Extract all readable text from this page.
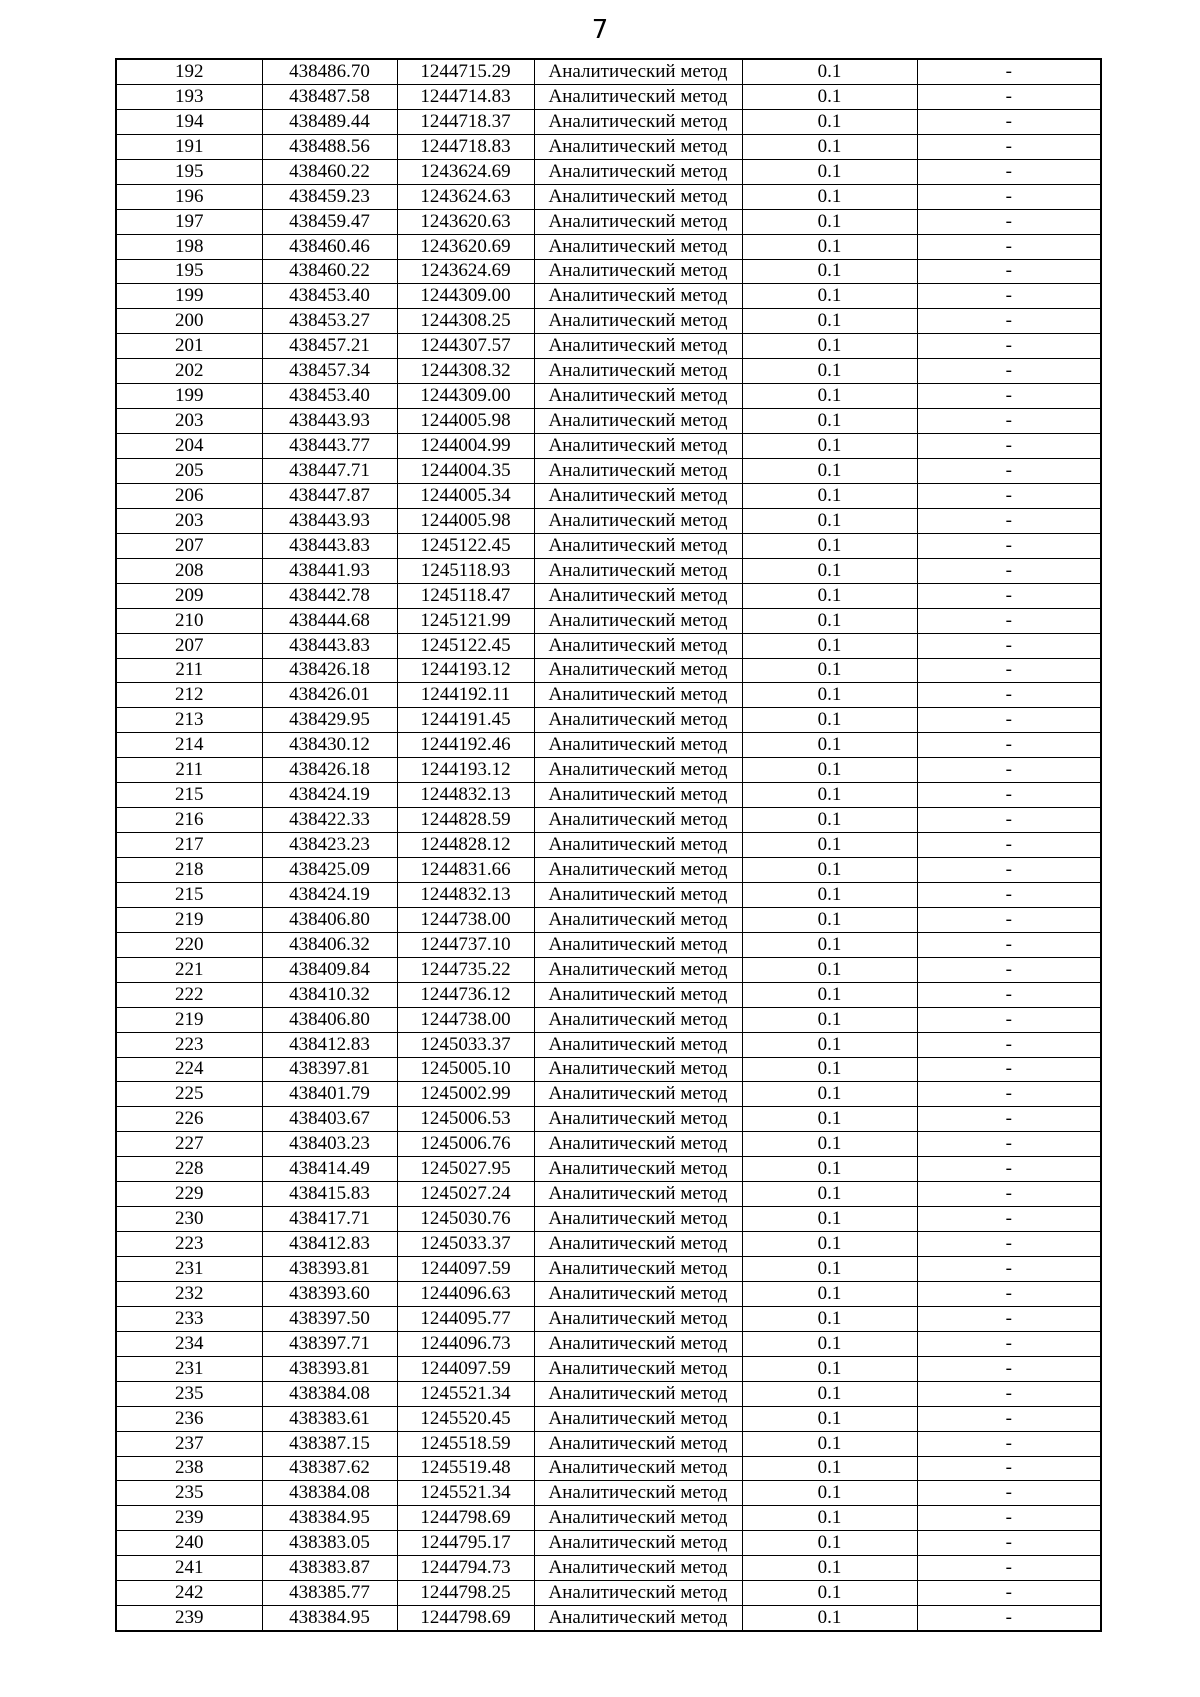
7
192	438486.70	1244715.29	Аналитический метод	0.1	-
193	438487.58	1244714.83	Аналитический метод	0.1	-
194	438489.44	1244718.37	Аналитический метод	0.1	-
191	438488.56	1244718.83	Аналитический метод	0.1	-
195	438460.22	1243624.69	Аналитический метод	0.1	-
196	438459.23	1243624.63	Аналитический метод	0.1	-
197	438459.47	1243620.63	Аналитический метод	0.1	-
198	438460.46	1243620.69	Аналитический метод	0.1	-
195	438460.22	1243624.69	Аналитический метод	0.1	-
199	438453.40	1244309.00	Аналитический метод	0.1	-
200	438453.27	1244308.25	Аналитический метод	0.1	-
201	438457.21	1244307.57	Аналитический метод	0.1	-
202	438457.34	1244308.32	Аналитический метод	0.1	-
199	438453.40	1244309.00	Аналитический метод	0.1	-
203	438443.93	1244005.98	Аналитический метод	0.1	-
204	438443.77	1244004.99	Аналитический метод	0.1	-
205	438447.71	1244004.35	Аналитический метод	0.1	-
206	438447.87	1244005.34	Аналитический метод	0.1	-
203	438443.93	1244005.98	Аналитический метод	0.1	-
207	438443.83	1245122.45	Аналитический метод	0.1	-
208	438441.93	1245118.93	Аналитический метод	0.1	-
209	438442.78	1245118.47	Аналитический метод	0.1	-
210	438444.68	1245121.99	Аналитический метод	0.1	-
207	438443.83	1245122.45	Аналитический метод	0.1	-
211	438426.18	1244193.12	Аналитический метод	0.1	-
212	438426.01	1244192.11	Аналитический метод	0.1	-
213	438429.95	1244191.45	Аналитический метод	0.1	-
214	438430.12	1244192.46	Аналитический метод	0.1	-
211	438426.18	1244193.12	Аналитический метод	0.1	-
215	438424.19	1244832.13	Аналитический метод	0.1	-
216	438422.33	1244828.59	Аналитический метод	0.1	-
217	438423.23	1244828.12	Аналитический метод	0.1	-
218	438425.09	1244831.66	Аналитический метод	0.1	-
215	438424.19	1244832.13	Аналитический метод	0.1	-
219	438406.80	1244738.00	Аналитический метод	0.1	-
220	438406.32	1244737.10	Аналитический метод	0.1	-
221	438409.84	1244735.22	Аналитический метод	0.1	-
222	438410.32	1244736.12	Аналитический метод	0.1	-
219	438406.80	1244738.00	Аналитический метод	0.1	-
223	438412.83	1245033.37	Аналитический метод	0.1	-
224	438397.81	1245005.10	Аналитический метод	0.1	-
225	438401.79	1245002.99	Аналитический метод	0.1	-
226	438403.67	1245006.53	Аналитический метод	0.1	-
227	438403.23	1245006.76	Аналитический метод	0.1	-
228	438414.49	1245027.95	Аналитический метод	0.1	-
229	438415.83	1245027.24	Аналитический метод	0.1	-
230	438417.71	1245030.76	Аналитический метод	0.1	-
223	438412.83	1245033.37	Аналитический метод	0.1	-
231	438393.81	1244097.59	Аналитический метод	0.1	-
232	438393.60	1244096.63	Аналитический метод	0.1	-
233	438397.50	1244095.77	Аналитический метод	0.1	-
234	438397.71	1244096.73	Аналитический метод	0.1	-
231	438393.81	1244097.59	Аналитический метод	0.1	-
235	438384.08	1245521.34	Аналитический метод	0.1	-
236	438383.61	1245520.45	Аналитический метод	0.1	-
237	438387.15	1245518.59	Аналитический метод	0.1	-
238	438387.62	1245519.48	Аналитический метод	0.1	-
235	438384.08	1245521.34	Аналитический метод	0.1	-
239	438384.95	1244798.69	Аналитический метод	0.1	-
240	438383.05	1244795.17	Аналитический метод	0.1	-
241	438383.87	1244794.73	Аналитический метод	0.1	-
242	438385.77	1244798.25	Аналитический метод	0.1	-
239	438384.95	1244798.69	Аналитический метод	0.1	-
